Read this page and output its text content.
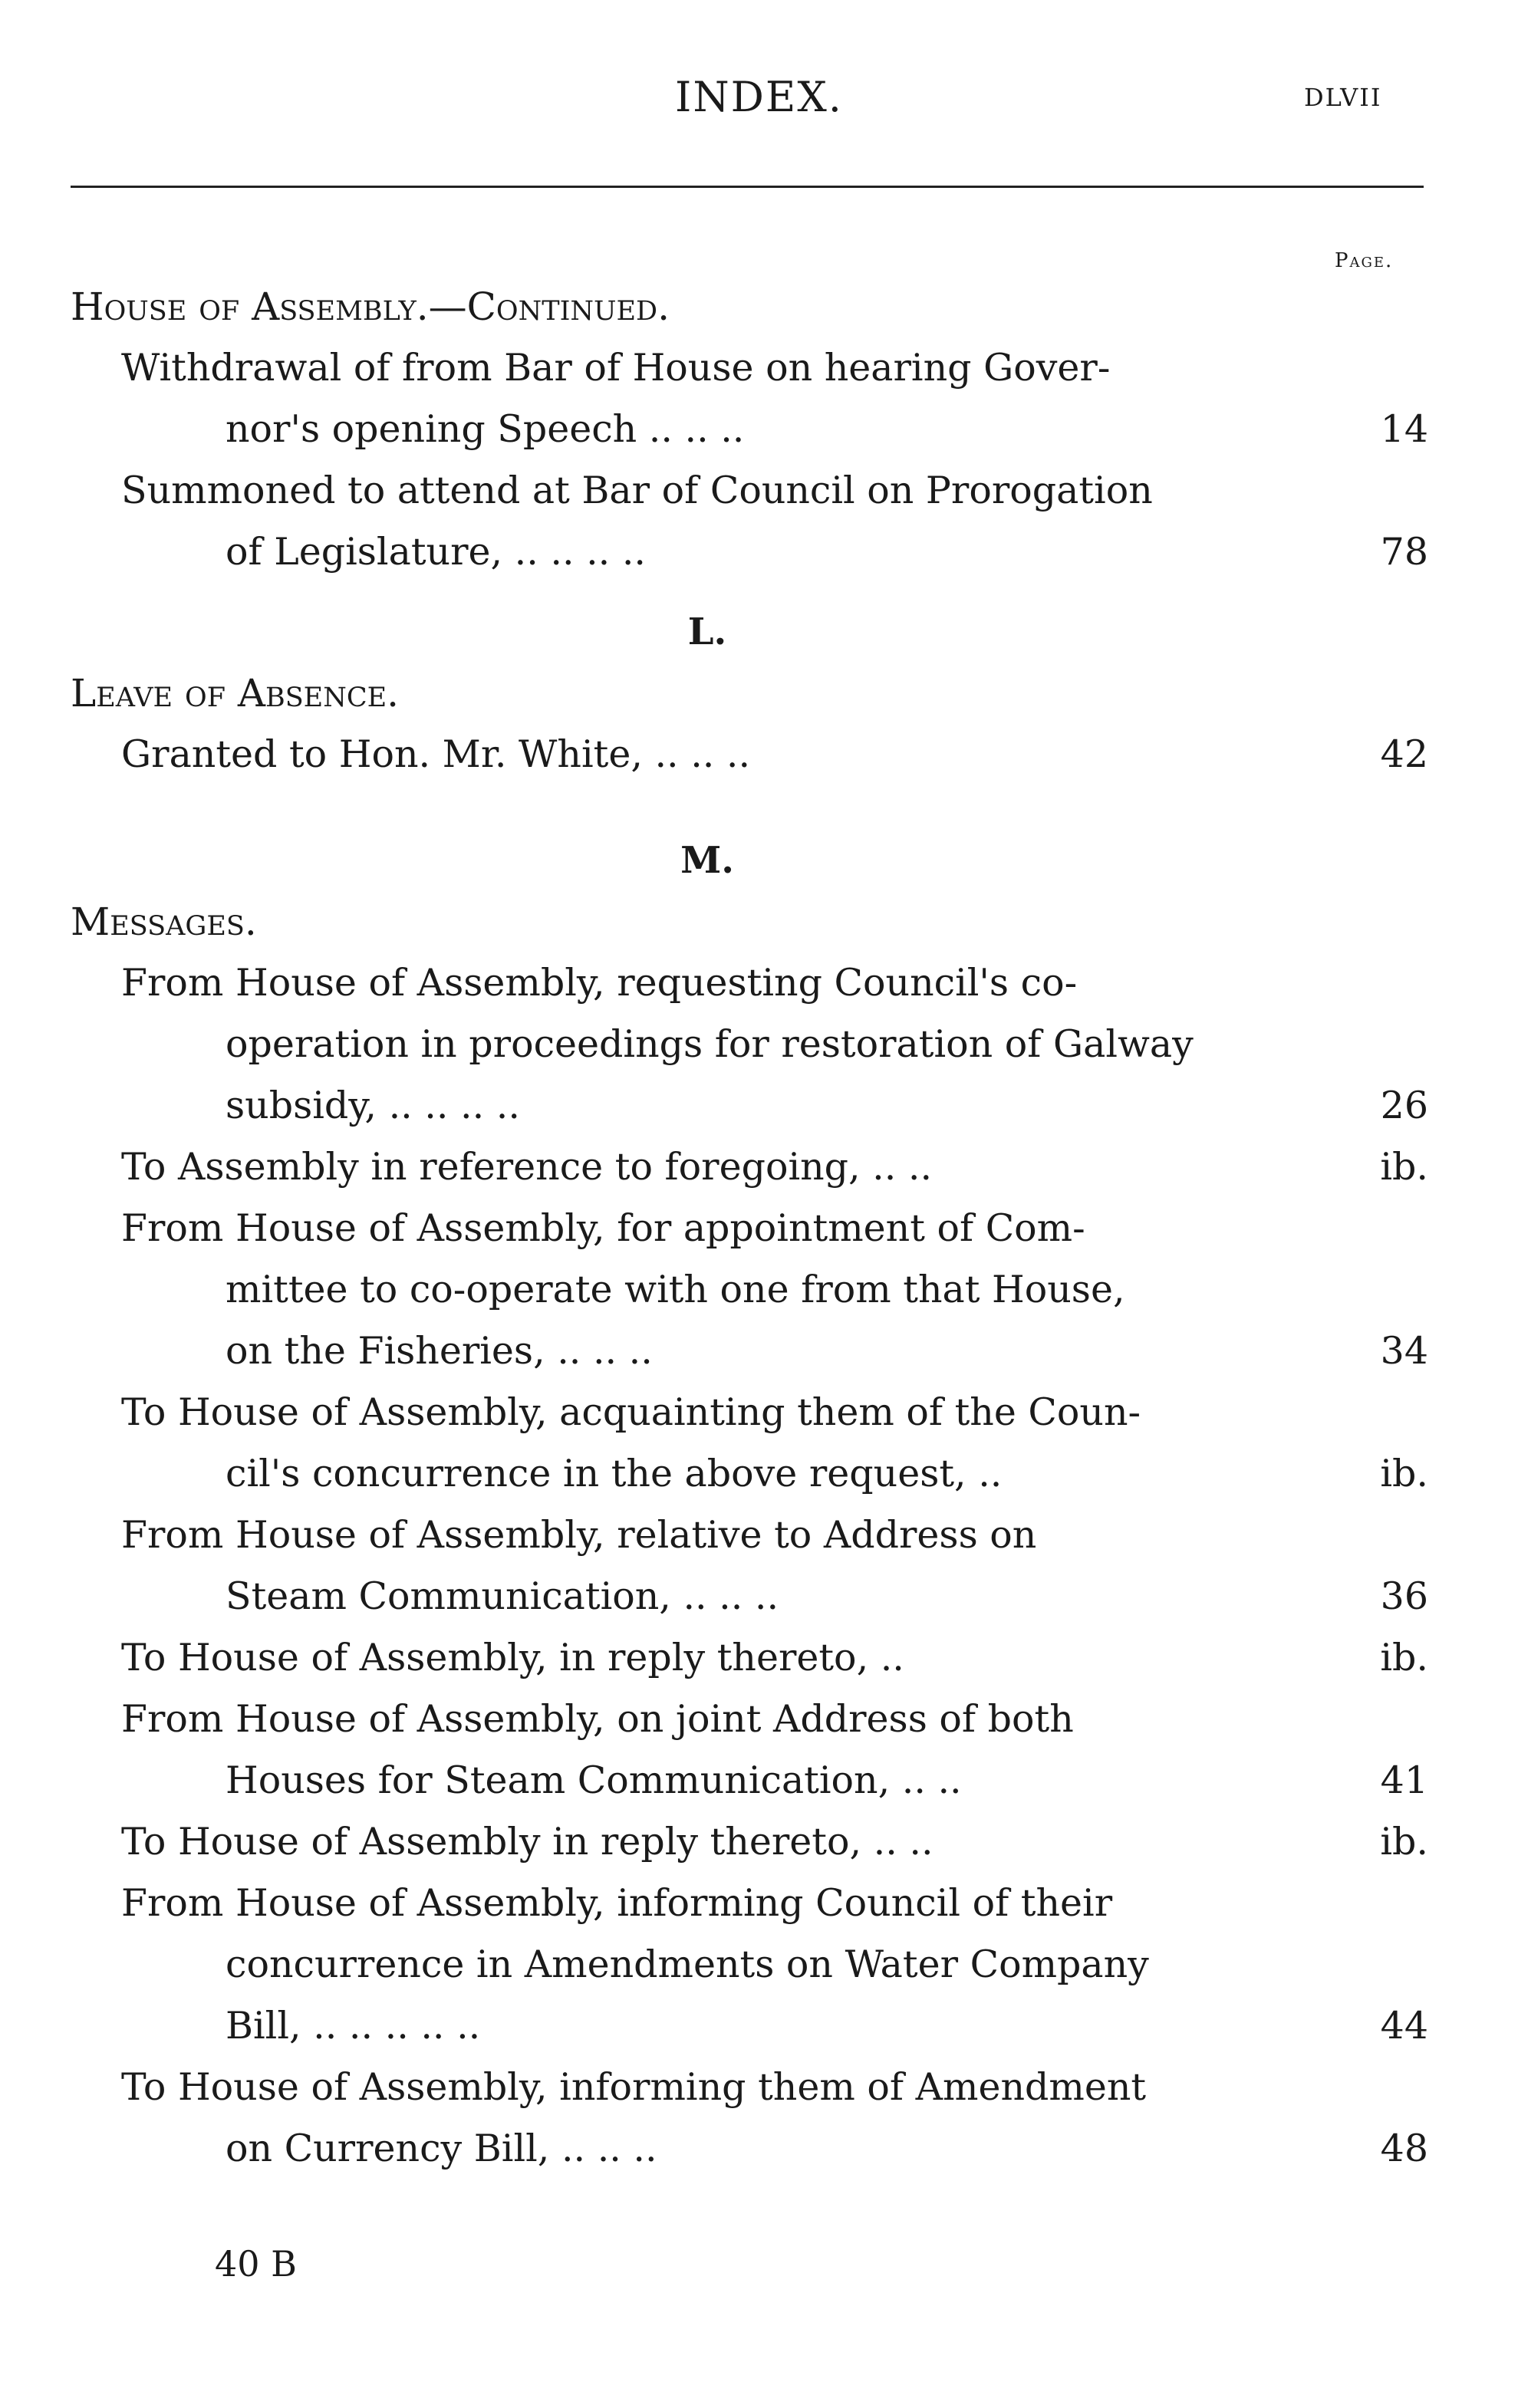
INDEX.	DLVII
Page.
House of Assembly.—Continued.
Withdrawal of from Bar of House on hearing Gover-
nor's opening Speech .. .. ..	14
Summoned to attend at Bar of Council on Prorogation
of Legislature, .. .. .. ..	78
L.
Leave of Absence.
Granted to Hon. Mr. White, .. .. ..	42
M.
Messages.
From House of Assembly, requesting Council's co-
operation in proceedings for restoration of Galway
subsidy, .. .. .. ..	26
To Assembly in reference to foregoing, .. ..	ib.
From House of Assembly, for appointment of Com-
mittee to co-operate with one from that House,
on the Fisheries, .. .. ..	34
To House of Assembly, acquainting them of the Coun-
cil's concurrence in the above request, ..	ib.
From House of Assembly, relative to Address on
Steam Communication, .. .. ..	36
To House of Assembly, in reply thereto, ..	ib.
From House of Assembly, on joint Address of both
Houses for Steam Communication, .. ..	41
To House of Assembly in reply thereto, .. ..	ib.
From House of Assembly, informing Council of their
concurrence in Amendments on Water Company
Bill, .. .. .. .. ..	44
To House of Assembly, informing them of Amendment
on Currency Bill, .. .. ..	48
40 B
